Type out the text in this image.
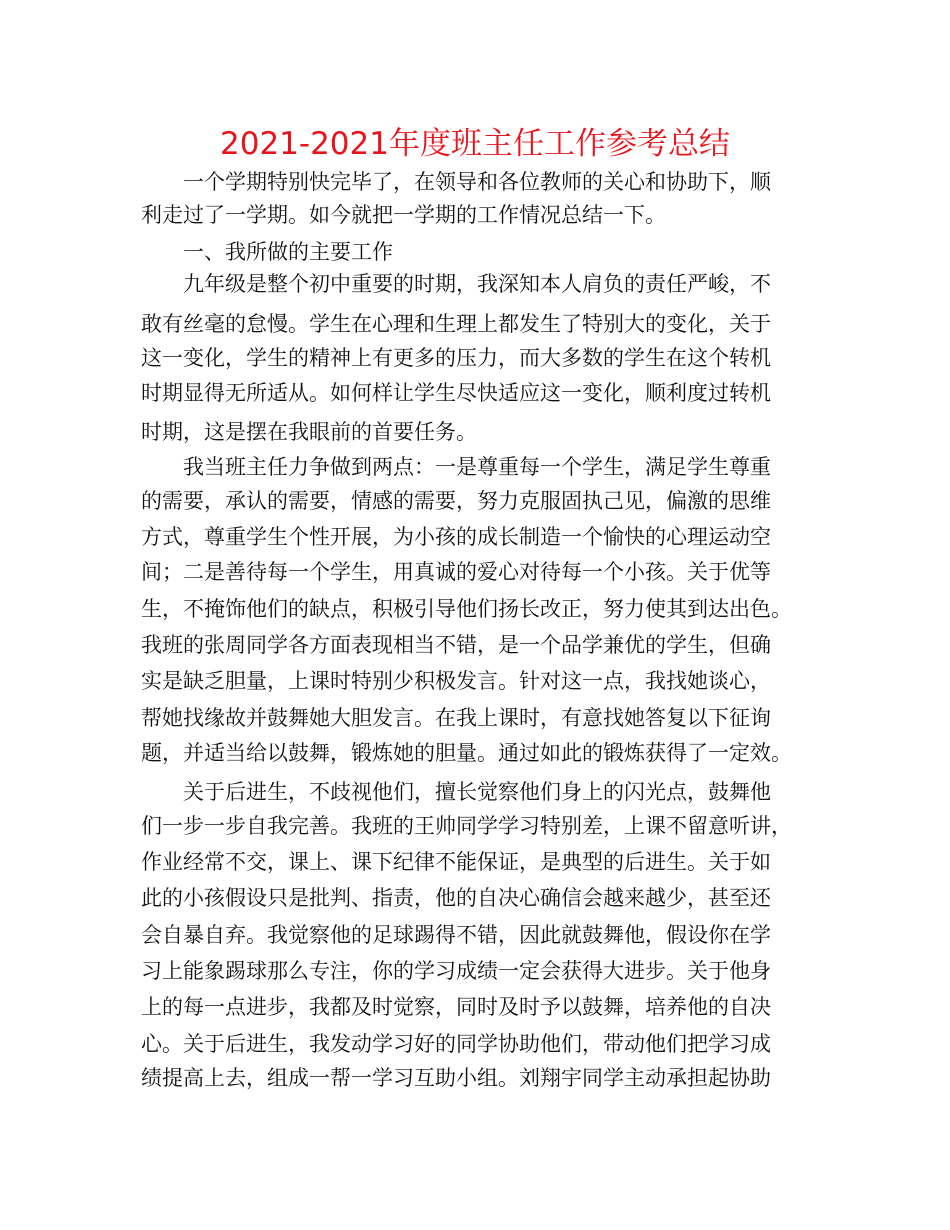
2021-2021年度班主任工作参考总结
一个学期特别快完毕了，在领导和各位教师的关心和协助下，顺
利走过了一学期。如今就把一学期的工作情况总结一下。
一、我所做的主要工作
九年级是整个初中重要的时期，我深知本人肩负的责任严峻，不
敢有丝毫的怠慢。学生在心理和生理上都发生了特别大的变化，关于
这一变化，学生的精神上有更多的压力，而大多数的学生在这个转机
时期显得无所适从。如何样让学生尽快适应这一变化，顺利度过转机
时期，这是摆在我眼前的首要任务。
我当班主任力争做到两点：一是尊重每一个学生，满足学生尊重
的需要，承认的需要，情感的需要，努力克服固执己见，偏激的思维
方式，尊重学生个性开展，为小孩的成长制造一个愉快的心理运动空
间；二是善待每一个学生，用真诚的爱心对待每一个小孩。关于优等
生，不掩饰他们的缺点，积极引导他们扬长改正，努力使其到达出色。
我班的张周同学各方面表现相当不错，是一个品学兼优的学生，但确
实是缺乏胆量，上课时特别少积极发言。针对这一点，我找她谈心，
帮她找缘故并鼓舞她大胆发言。在我上课时，有意找她答复以下征询
题，并适当给以鼓舞，锻炼她的胆量。通过如此的锻炼获得了一定效。
关于后进生，不歧视他们，擅长觉察他们身上的闪光点，鼓舞他
们一步一步自我完善。我班的王帅同学学习特别差，上课不留意听讲，
作业经常不交，课上、课下纪律不能保证，是典型的后进生。关于如
此的小孩假设只是批判、指责，他的自决心确信会越来越少，甚至还
会自暴自弃。我觉察他的足球踢得不错，因此就鼓舞他，假设你在学
习上能象踢球那么专注，你的学习成绩一定会获得大进步。关于他身
上的每一点进步，我都及时觉察，同时及时予以鼓舞，培养他的自决
心。关于后进生，我发动学习好的同学协助他们，带动他们把学习成
绩提高上去，组成一帮一学习互助小组。刘翔宇同学主动承担起协助
